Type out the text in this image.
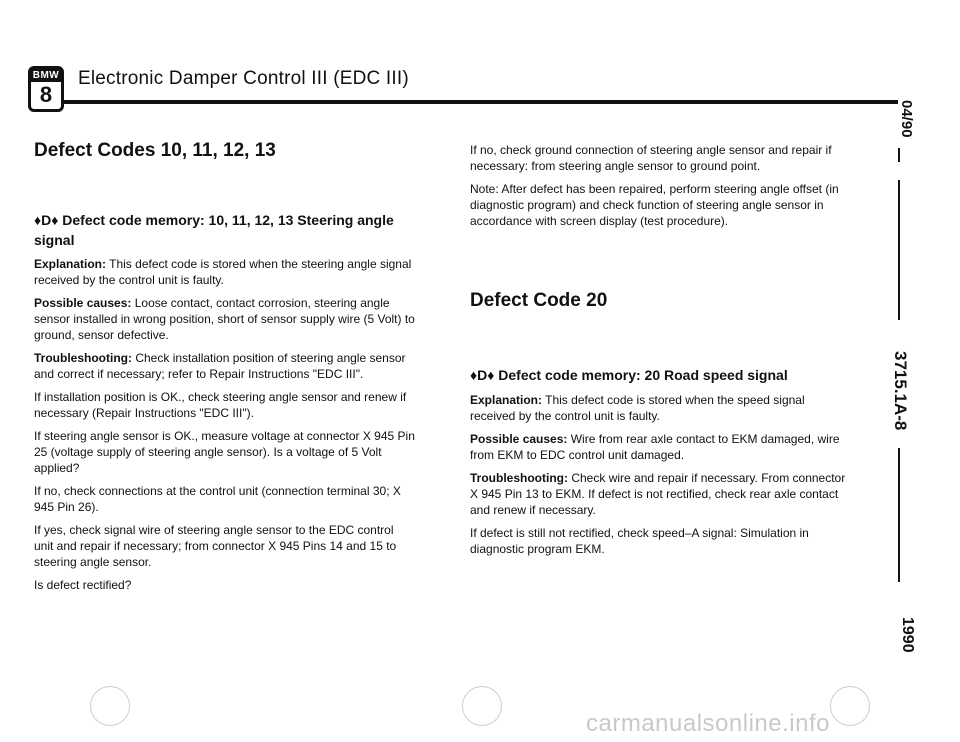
BMW
8
Electronic Damper Control III (EDC III)
04/90
3715.1A-8
1990
Defect Codes 10, 11, 12, 13
♦D♦ Defect code memory: 10, 11, 12, 13 Steering angle signal

Explanation: This defect code is stored when the steering angle signal received by the control unit is faulty.

Possible causes: Loose contact, contact corrosion, steering angle sensor installed in wrong position, short of sensor supply wire (5 Volt) to ground, sensor defective.

Troubleshooting: Check installation position of steering angle sensor and correct if necessary; refer to Repair Instructions "EDC III".

If installation position is OK., check steering angle sensor and renew if necessary (Repair Instructions "EDC III").

If steering angle sensor is OK., measure voltage at connector X 945 Pin 25 (voltage supply of steering angle sensor). Is a voltage of 5 Volt applied?

If no, check connections at the control unit (connection terminal 30; X 945 Pin 26).

If yes, check signal wire of steering angle sensor to the EDC control unit and repair if necessary; from connector X 945 Pins 14 and 15 to steering angle sensor.

Is defect rectified?

If no, check ground connection of steering angle sensor and repair if necessary: from steering angle sensor to ground point.

Note: After defect has been repaired, perform steering angle offset (in diagnostic program) and check function of steering angle sensor in accordance with screen display (test procedure).

Defect Code 20
♦D♦ Defect code memory: 20 Road speed signal

Explanation: This defect code is stored when the speed signal received by the control unit is faulty.

Possible causes: Wire from rear axle contact to EKM damaged, wire from EKM to EDC control unit damaged.

Troubleshooting: Check wire and repair if necessary. From connector X 945 Pin 13 to EKM. If defect is not rectified, check rear axle contact and renew if necessary.

If defect is still not rectified, check speed–A signal: Simulation in diagnostic program EKM.

carmanualsonline.info
